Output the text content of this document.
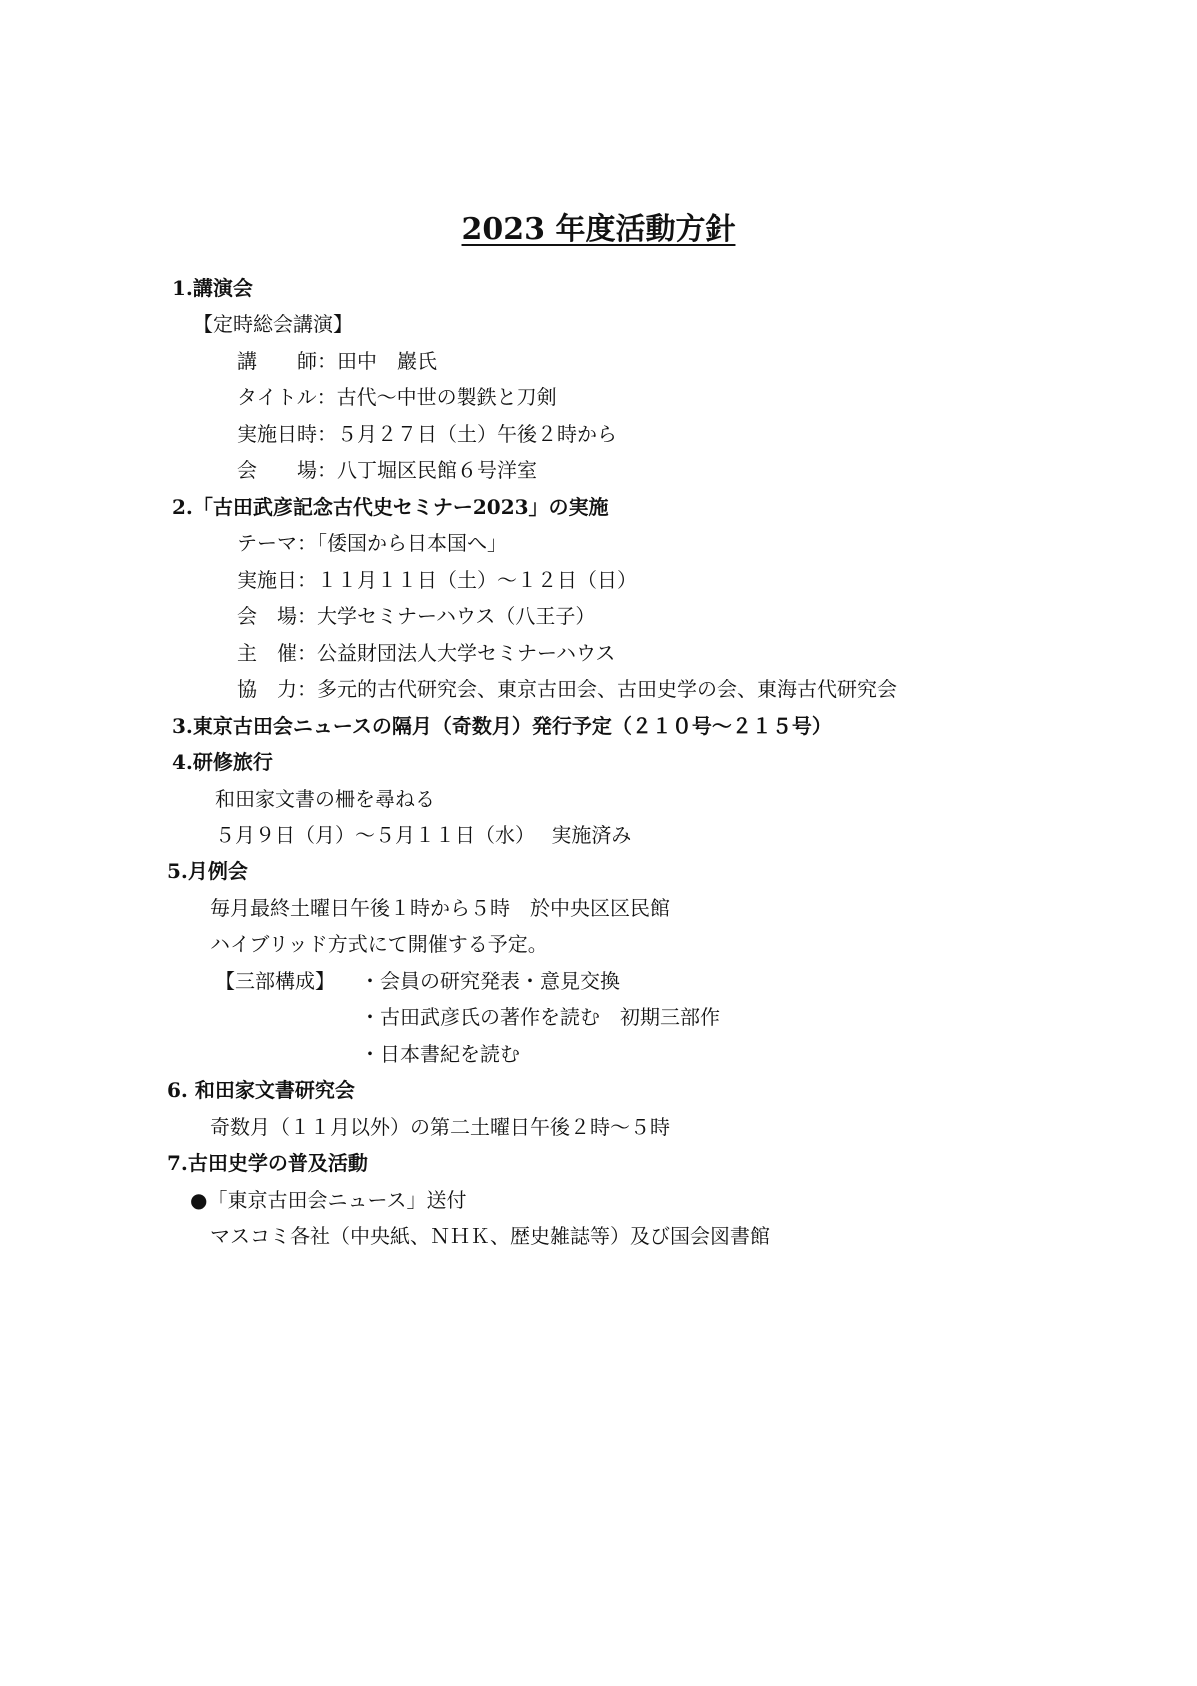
2023 年度活動方針
1.講演会
【定時総会講演】
講　　師：田中　巖氏
タイトル：古代～中世の製鉄と刀剣
実施日時：５月２７日（土）午後２時から
会　　場：八丁堀区民館６号洋室
2.「古田武彦記念古代史セミナー2023」の実施
テーマ：「倭国から日本国へ」
実施日：１１月１１日（土）～１２日（日）
会　場：大学セミナーハウス（八王子）
主　催：公益財団法人大学セミナーハウス
協　力：多元的古代研究会、東京古田会、古田史学の会、東海古代研究会
3.東京古田会ニュースの隔月（奇数月）発行予定（２１０号～２１５号）
4.研修旅行
和田家文書の柵を尋ねる
５月９日（月）～５月１１日（水）　 実施済み
5.月例会
毎月最終土曜日午後１時から５時　於中央区区民館
ハイブリッド方式にて開催する予定。
【三部構成】 ・会員の研究発表・意見交換
・古田武彦氏の著作を読む　初期三部作
・日本書紀を読む
6. 和田家文書研究会
奇数月（１１月以外）の第二土曜日午後２時～５時
7.古田史学の普及活動
●「東京古田会ニュース」送付
マスコミ各社（中央紙、ＮＨＫ、歴史雑誌等）及び国会図書館
